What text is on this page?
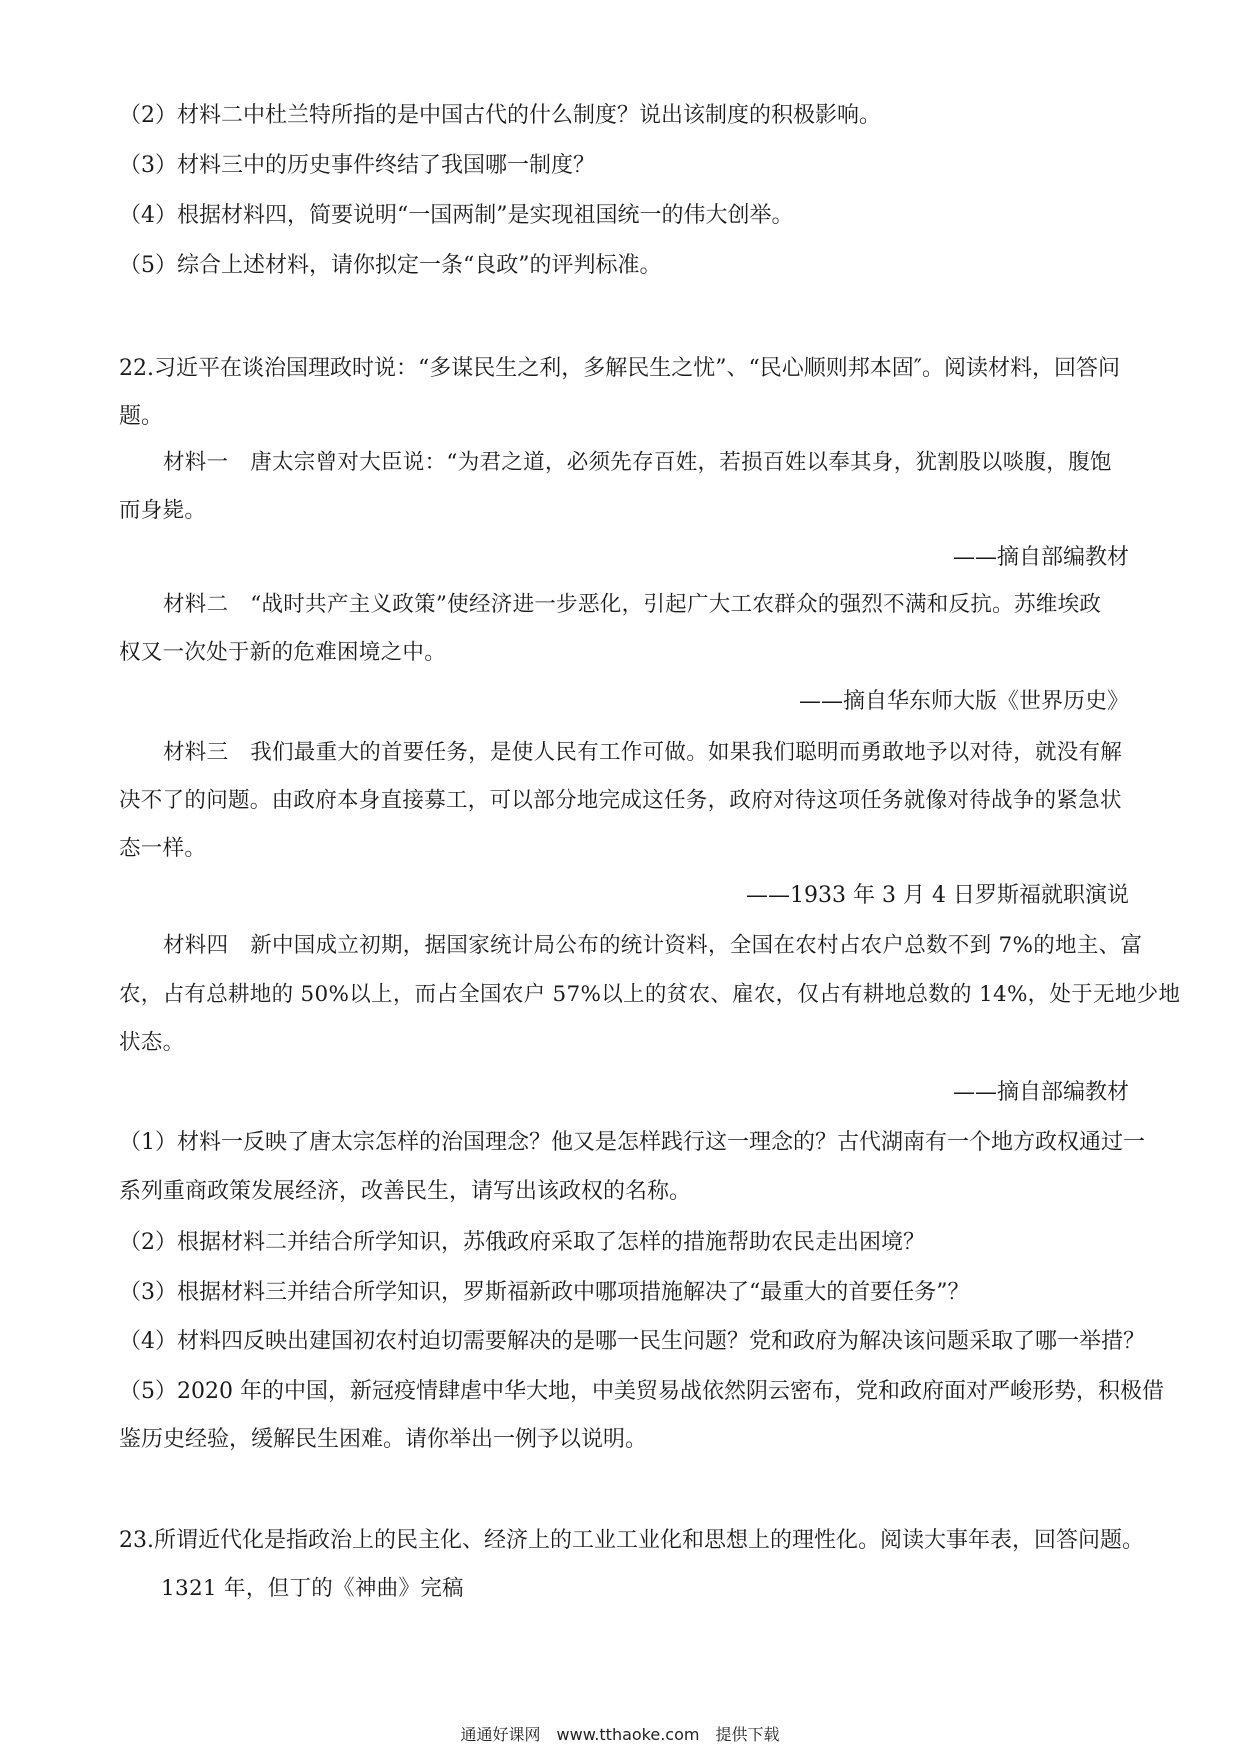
（2）材料二中杜兰特所指的是中国古代的什么制度？说出该制度的积极影响。
（3）材料三中的历史事件终结了我国哪一制度？
（4）根据材料四，简要说明“一国两制”是实现祖国统一的伟大创举。
（5）综合上述材料，请你拟定一条“良政”的评判标准。
22.习近平在谈治国理政时说：“多谋民生之利，多解民生之忧”、“民心顺则邦本固″。阅读材料，回答问
题。
材料一　唐太宗曾对大臣说：“为君之道，必须先存百姓，若损百姓以奉其身，犹割股以啖腹，腹饱
而身毙。
——摘自部编教材
材料二　“战时共产主义政策”使经济进一步恶化，引起广大工农群众的强烈不满和反抗。苏维埃政
权又一次处于新的危难困境之中。
——摘自华东师大版《世界历史》
材料三　我们最重大的首要任务，是使人民有工作可做。如果我们聪明而勇敢地予以对待，就没有解
决不了的问题。由政府本身直接募工，可以部分地完成这任务，政府对待这项任务就像对待战争的紧急状
态一样。
——1933 年 3 月 4 日罗斯福就职演说
材料四　新中国成立初期，据国家统计局公布的统计资料，全国在农村占农户总数不到 7%的地主、富
农，占有总耕地的 50%以上，而占全国农户 57%以上的贫农、雇农，仅占有耕地总数的 14%，处于无地少地
状态。
——摘自部编教材
（1）材料一反映了唐太宗怎样的治国理念？他又是怎样践行这一理念的？古代湖南有一个地方政权通过一
系列重商政策发展经济，改善民生，请写出该政权的名称。
（2）根据材料二并结合所学知识，苏俄政府采取了怎样的措施帮助农民走出困境？
（3）根据材料三并结合所学知识，罗斯福新政中哪项措施解决了“最重大的首要任务”？
（4）材料四反映出建国初农村迫切需要解决的是哪一民生问题？党和政府为解决该问题采取了哪一举措？
（5）2020 年的中国，新冠疫情肆虐中华大地，中美贸易战依然阴云密布，党和政府面对严峻形势，积极借
鉴历史经验，缓解民生困难。请你举出一例予以说明。
23.所谓近代化是指政治上的民主化、经济上的工业工业化和思想上的理性化。阅读大事年表，回答问题。
1321 年，但丁的《神曲》完稿
通通好课网　www.tthaoke.com　提供下载
